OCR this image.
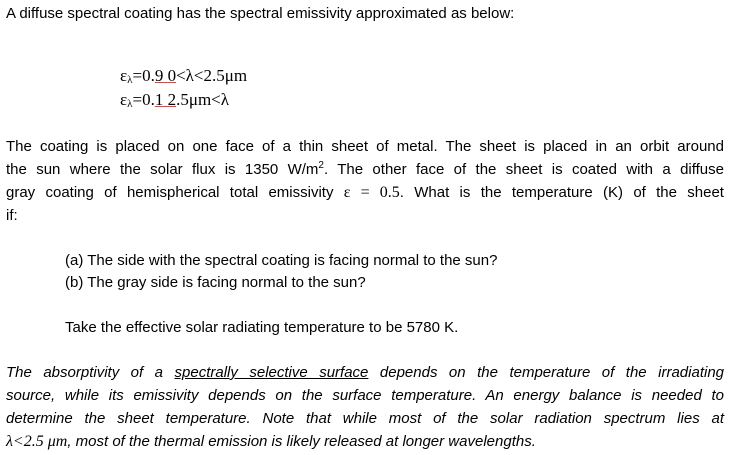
A diffuse spectral coating has the spectral emissivity approximated as below:
ελ=0.9 0<λ<2.5μm
ελ=0.1 2.5μm<λ
The coating is placed on one face of a thin sheet of metal. The sheet is placed in an orbit around
the sun where the solar flux is 1350 $W/m^2$. The other face of the sheet is coated with a diffuse
gray coating of hemispherical total emissivity ε = 0.5. What is the temperature (K) of the sheet
if:
(a) The side with the spectral coating is facing normal to the sun?
(b) The gray side is facing normal to the sun?
Take the effective solar radiating temperature to be 5780 K.
The absorptivity of a spectrally selective surface depends on the temperature of the irradiating
source, while its emissivity depends on the surface temperature. An energy balance is needed to
determine the sheet temperature. Note that while most of the solar radiation spectrum lies at
λ<2.5 μm, most of the thermal emission is likely released at longer wavelengths.
